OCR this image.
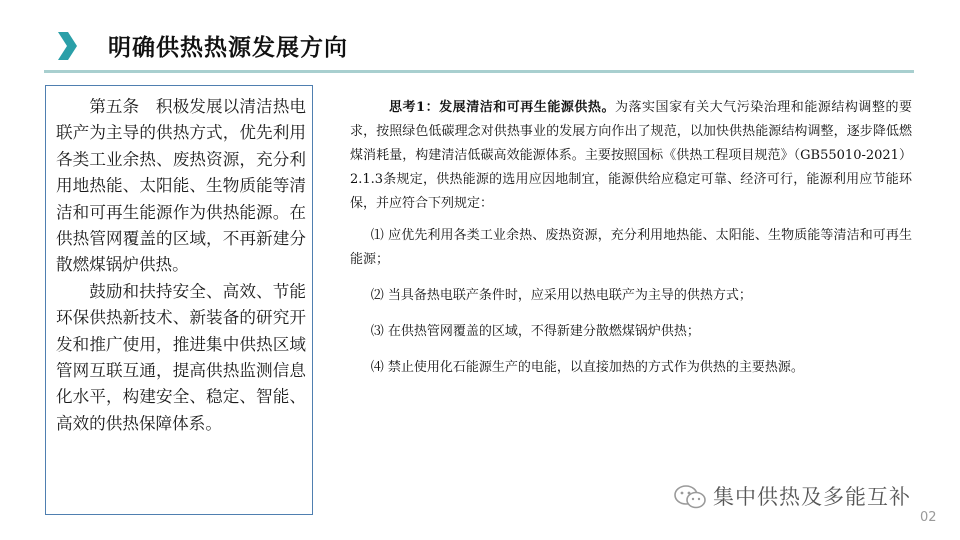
明确供热热源发展方向

第五条　积极发展以清洁热电联产为主导的供热方式，优先利用各类工业余热、废热资源，充分利用地热能、太阳能、生物质能等清洁和可再生能源作为供热能源。在供热管网覆盖的区域，不再新建分散燃煤锅炉供热。

鼓励和扶持安全、高效、节能环保供热新技术、新装备的研究开发和推广使用，推进集中供热区域管网互联互通，提高供热监测信息化水平，构建安全、稳定、智能、高效的供热保障体系。

思考1：发展清洁和可再生能源供热。为落实国家有关大气污染治理和能源结构调整的要求，按照绿色低碳理念对供热事业的发展方向作出了规范，以加快供热能源结构调整，逐步降低燃煤消耗量，构建清洁低碳高效能源体系。主要按照国标《供热工程项目规范》（GB55010-2021）2.1.3条规定，供热能源的选用应因地制宜，能源供给应稳定可靠、经济可行，能源利用应节能环保，并应符合下列规定：

⑴ 应优先利用各类工业余热、废热资源，充分利用地热能、太阳能、生物质能等清洁和可再生能源；

⑵ 当具备热电联产条件时，应采用以热电联产为主导的供热方式；

⑶ 在供热管网覆盖的区域，不得新建分散燃煤锅炉供热；

⑷ 禁止使用化石能源生产的电能，以直接加热的方式作为供热的主要热源。

集中供热及多能互补
02
